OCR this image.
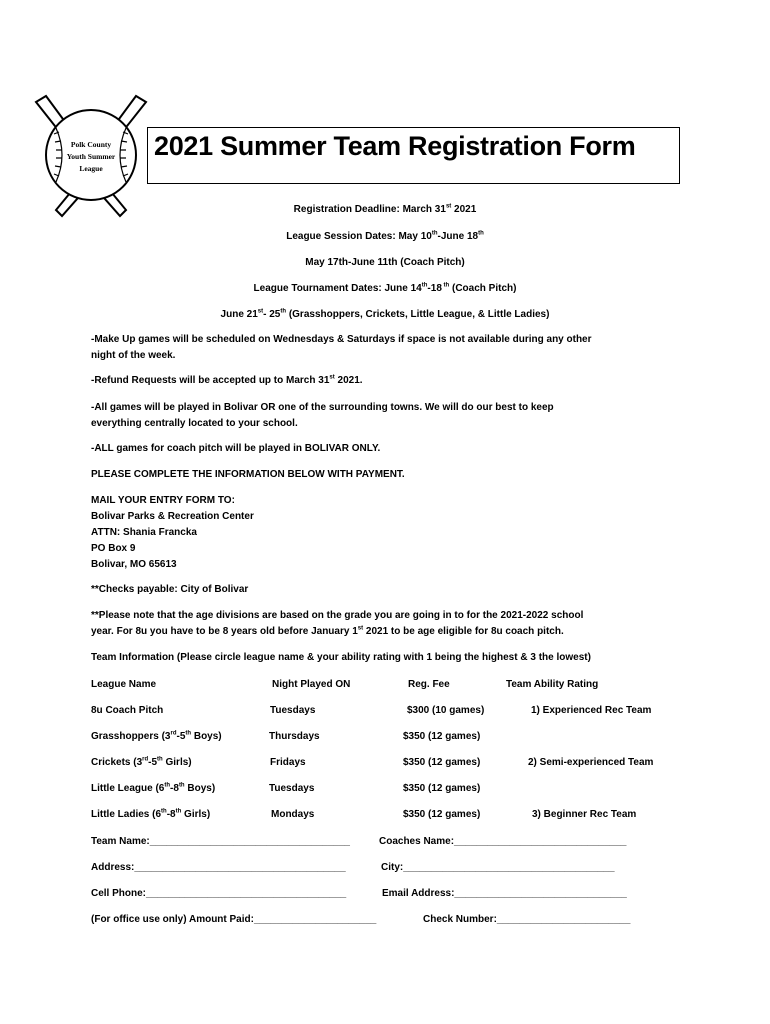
Polk County
Youth Summer
League
2021 Summer Team Registration Form
Registration Deadline: March 31st 2021
League Session Dates: May 10th-June 18th
May 17th-June 11th (Coach Pitch)
League Tournament Dates: June 14th-18 $^{th}$ (Coach Pitch)
June 21st- 25th (Grasshoppers, Crickets, Little League, & Little Ladies)
-Make Up games will be scheduled on Wednesdays & Saturdays if space is not available during any other
night of the week.
-Refund Requests will be accepted up to March 31st 2021.
-All games will be played in Bolivar OR one of the surrounding towns. We will do our best to keep
everything centrally located to your school.
-ALL games for coach pitch will be played in BOLIVAR ONLY.
PLEASE COMPLETE THE INFORMATION BELOW WITH PAYMENT.
MAIL YOUR ENTRY FORM TO:
Bolivar Parks & Recreation Center
ATTN: Shania Francka
PO Box 9
Bolivar, MO 65613
**Checks payable: City of Bolivar
**Please note that the age divisions are based on the grade you are going in to for the 2021-2022 school
year. For 8u you have to be 8 years old before January 1st 2021 to be age eligible for 8u coach pitch.
Team Information (Please circle league name & your ability rating with 1 being the highest & 3 the lowest)
League Name	Night Played ON	Reg. Fee	Team Ability Rating
8u Coach Pitch	Tuesdays	$300 (10 games)	1) Experienced Rec Team
Grasshoppers (3rd-5th Boys)	Thursdays	$350 (12 games)
Crickets (3rd-5th Girls)	Fridays	$350 (12 games)	2) Semi-experienced Team
Little League (6th-8th Boys)	Tuesdays	$350 (12 games)
Little Ladies (6th-8th Girls)	Mondays	$350 (12 games)	3) Beginner Rec Team
Team Name:____________________________________	Coaches Name:_______________________________
Address:______________________________________	City:______________________________________
Cell Phone:____________________________________	Email Address:_______________________________
(For office use only) Amount Paid:______________________	Check Number:________________________
